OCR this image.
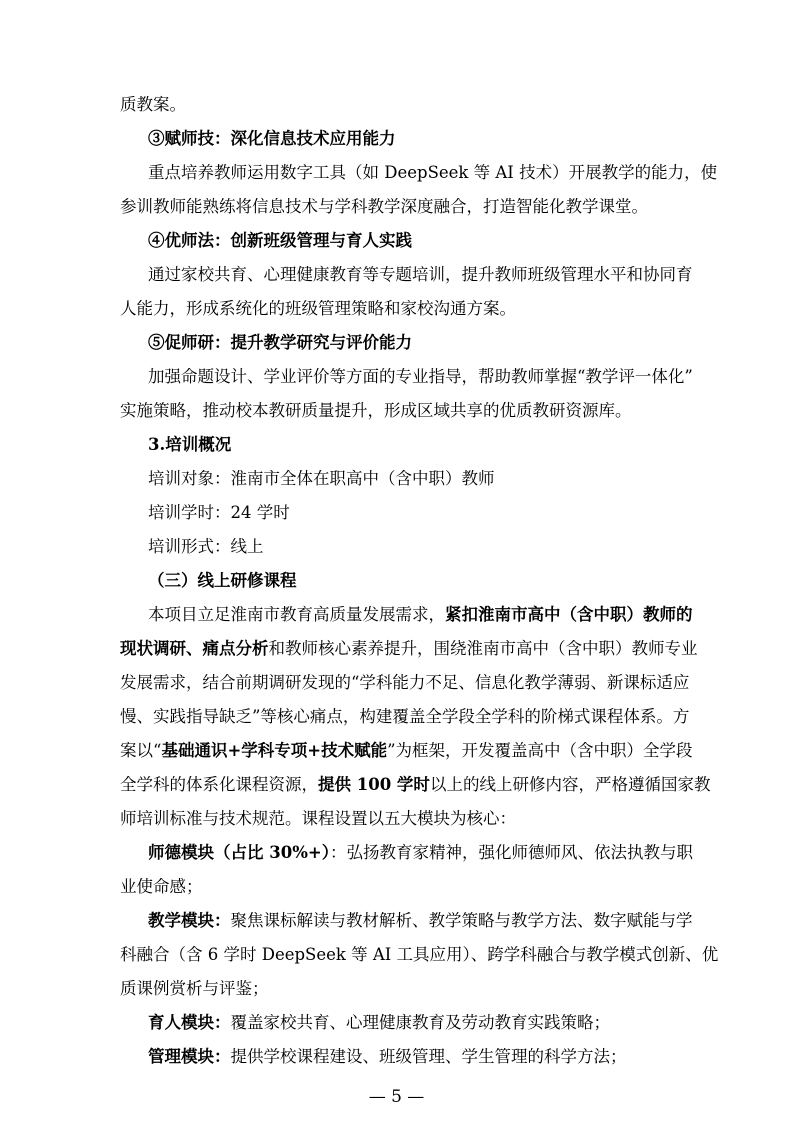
质教案。
③赋师技：深化信息技术应用能力
重点培养教师运用数字工具（如 DeepSeek 等 AI 技术）开展教学的能力，使
参训教师能熟练将信息技术与学科教学深度融合，打造智能化教学课堂。
④优师法：创新班级管理与育人实践
通过家校共育、心理健康教育等专题培训，提升教师班级管理水平和协同育
人能力，形成系统化的班级管理策略和家校沟通方案。
⑤促师研：提升教学研究与评价能力
加强命题设计、学业评价等方面的专业指导，帮助教师掌握“教学评一体化”
实施策略，推动校本教研质量提升，形成区域共享的优质教研资源库。
3.培训概况
培训对象：淮南市全体在职高中（含中职）教师
培训学时：24 学时
培训形式：线上
（三）线上研修课程
本项目立足淮南市教育高质量发展需求，紧扣淮南市高中（含中职）教师的
现状调研、痛点分析和教师核心素养提升，围绕淮南市高中（含中职）教师专业
发展需求，结合前期调研发现的“学科能力不足、信息化教学薄弱、新课标适应
慢、实践指导缺乏”等核心痛点，构建覆盖全学段全学科的阶梯式课程体系。方
案以“基础通识+学科专项+技术赋能”为框架，开发覆盖高中（含中职）全学段
全学科的体系化课程资源，提供 100 学时以上的线上研修内容，严格遵循国家教
师培训标准与技术规范。课程设置以五大模块为核心：
师德模块（占比 30%+）：弘扬教育家精神，强化师德师风、依法执教与职
业使命感；
教学模块：聚焦课标解读与教材解析、教学策略与教学方法、数字赋能与学
科融合（含 6 学时 DeepSeek 等 AI 工具应用）、跨学科融合与教学模式创新、优
质课例赏析与评鉴；
育人模块：覆盖家校共育、心理健康教育及劳动教育实践策略；
管理模块：提供学校课程建设、班级管理、学生管理的科学方法；
— 5 —
